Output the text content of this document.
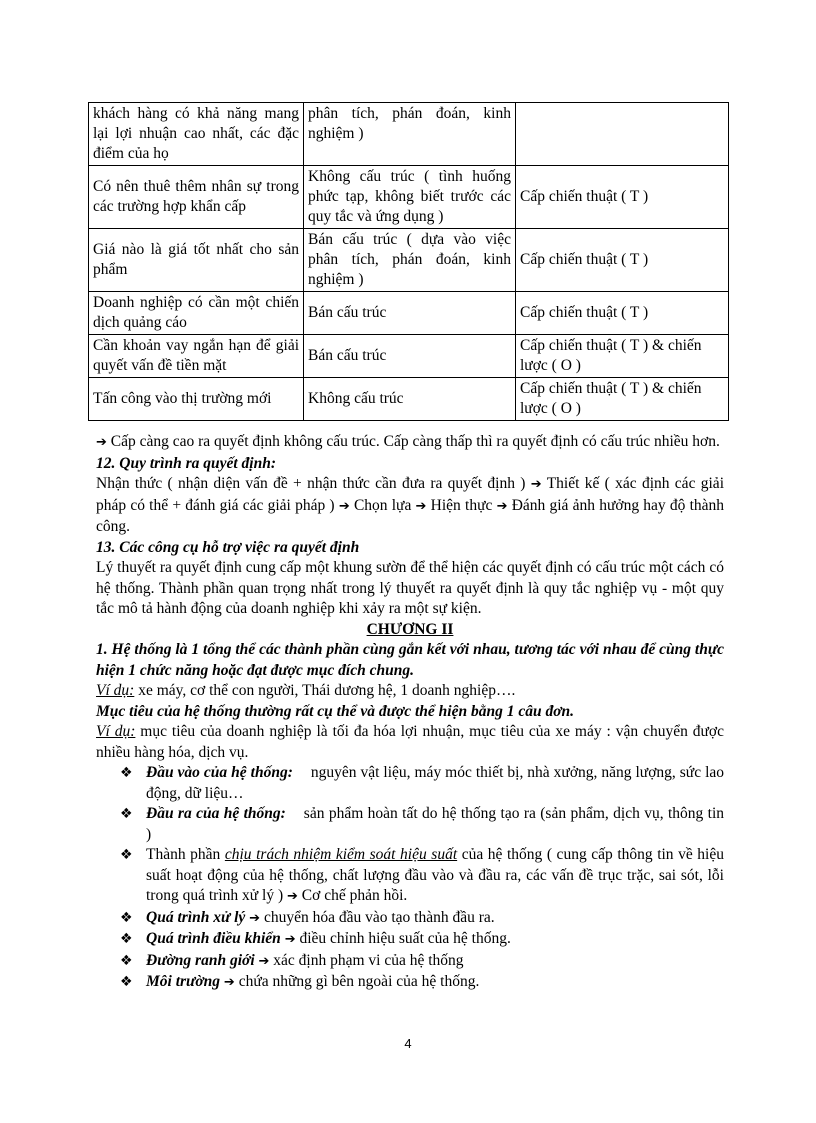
khách hàng có khả năng mang lại lợi nhuận cao nhất, các đặc điểm của họ	phân tích, phán đoán, kinh nghiệm )	
Có nên thuê thêm nhân sự trong các trường hợp khẩn cấp	Không cấu trúc ( tình huống phức tạp, không biết trước các quy tắc và ứng dụng )	Cấp chiến thuật ( T )
Giá nào là giá tốt nhất cho sản phẩm	Bán cấu trúc ( dựa vào việc phân tích, phán đoán, kinh nghiệm )	Cấp chiến thuật ( T )
Doanh nghiệp có cần một chiến dịch quảng cáo	Bán cấu trúc	Cấp chiến thuật ( T )
Cần khoản vay ngắn hạn để giải quyết vấn đề tiền mặt	Bán cấu trúc	Cấp chiến thuật ( T ) & chiến lược ( O )
Tấn công vào thị trường mới	Không cấu trúc	Cấp chiến thuật ( T ) & chiến lược ( O )

➔ Cấp càng cao ra quyết định không cấu trúc. Cấp càng thấp thì ra quyết định có cấu trúc nhiều hơn.

12. Quy trình ra quyết định:

Nhận thức ( nhận diện vấn đề + nhận thức cần đưa ra quyết định ) ➔ Thiết kế ( xác định các giải pháp có thể + đánh giá các giải pháp ) ➔ Chọn lựa ➔ Hiện thực ➔ Đánh giá ảnh hưởng hay độ thành công.

13. Các công cụ hỗ trợ việc ra quyết định

Lý thuyết ra quyết định cung cấp một khung sườn để thể hiện các quyết định có cấu trúc một cách có hệ thống. Thành phần quan trọng nhất trong lý thuyết ra quyết định là quy tắc nghiệp vụ - một quy tắc mô tả hành động của doanh nghiệp khi xảy ra một sự kiện.

CHƯƠNG II

1. Hệ thống là 1 tổng thể các thành phần cùng gắn kết với nhau, tương tác với nhau để cùng thực hiện 1 chức năng hoặc đạt được mục đích chung.

Ví dụ: xe máy, cơ thể con người, Thái dương hệ, 1 doanh nghiệp….

Mục tiêu của hệ thống thường rất cụ thể và được thể hiện bằng 1 câu đơn.

Ví dụ: mục tiêu của doanh nghiệp là tối đa hóa lợi nhuận, mục tiêu của xe máy : vận chuyển được nhiều hàng hóa, dịch vụ.

❖ Đầu vào của hệ thống: nguyên vật liệu, máy móc thiết bị, nhà xưởng, năng lượng, sức lao động, dữ liệu…
❖ Đầu ra của hệ thống: sản phẩm hoàn tất do hệ thống tạo ra (sản phẩm, dịch vụ, thông tin )
❖ Thành phần chịu trách nhiệm kiểm soát hiệu suất của hệ thống ( cung cấp thông tin về hiệu suất hoạt động của hệ thống, chất lượng đầu vào và đầu ra, các vấn đề trục trặc, sai sót, lỗi trong quá trình xử lý ) ➔ Cơ chế phản hồi.
❖ Quá trình xử lý ➔ chuyển hóa đầu vào tạo thành đầu ra.
❖ Quá trình điều khiển ➔ điều chỉnh hiệu suất của hệ thống.
❖ Đường ranh giới ➔ xác định phạm vi của hệ thống
❖ Môi trường ➔ chứa những gì bên ngoài của hệ thống.
4
